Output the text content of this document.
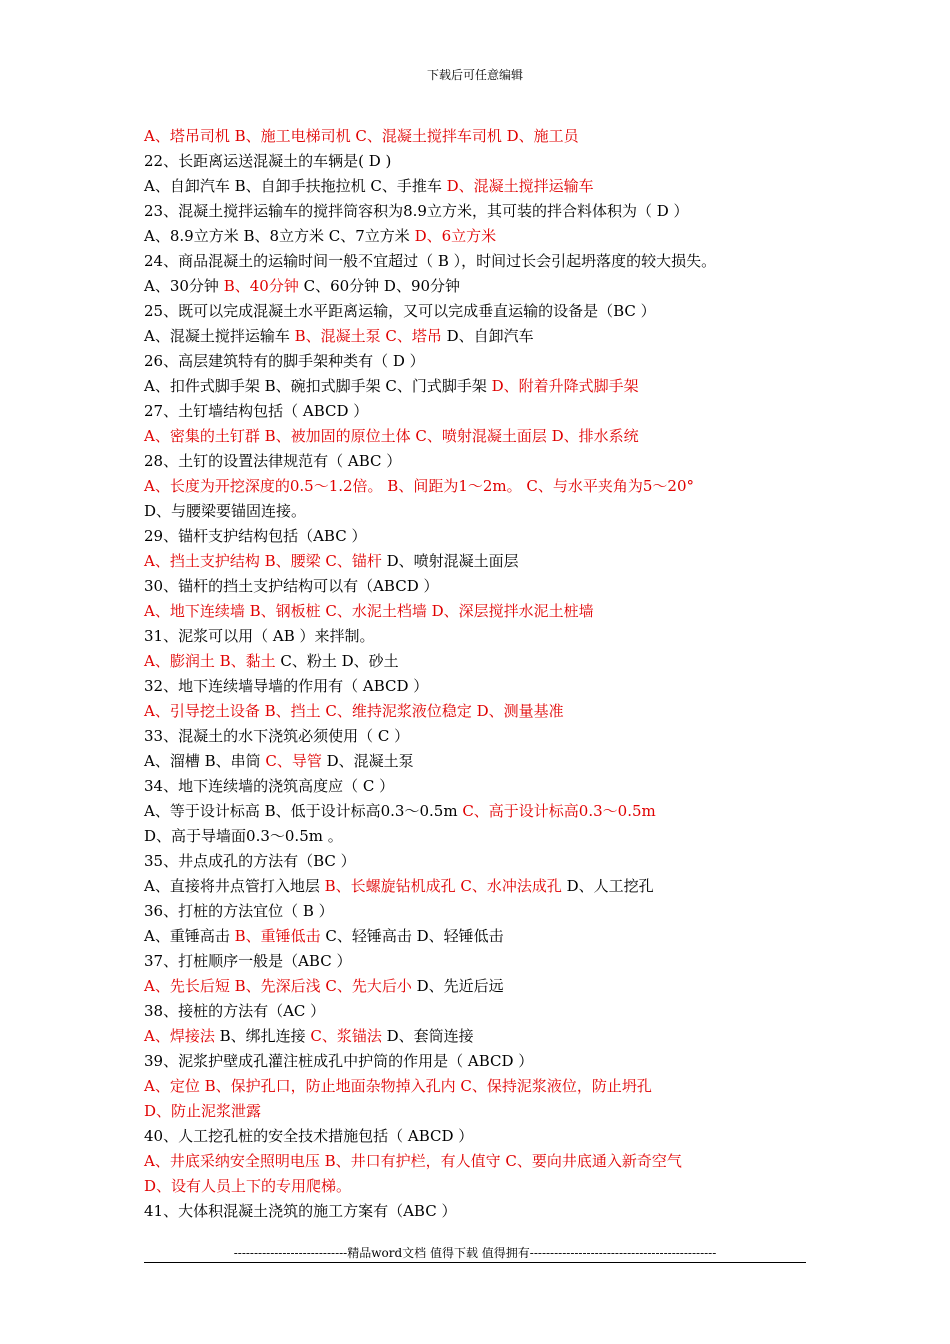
下载后可任意编辑
A、塔吊司机 B、施工电梯司机 C、混凝土搅拌车司机 D、施工员
22、长距离运送混凝土的车辆是( D )
A、自卸汽车 B、自卸手扶拖拉机 C、手推车 D、混凝土搅拌运输车
23、混凝土搅拌运输车的搅拌筒容积为8.9立方米，其可装的拌合料体积为（ D ）
A、8.9立方米 B、8立方米 C、7立方米 D、6立方米
24、商品混凝土的运输时间一般不宜超过（ B ），时间过长会引起坍落度的较大损失。
A、30分钟 B、40分钟 C、60分钟 D、90分钟
25、既可以完成混凝土水平距离运输，又可以完成垂直运输的设备是（BC ）
A、混凝土搅拌运输车 B、混凝土泵 C、塔吊 D、自卸汽车
26、高层建筑特有的脚手架种类有（ D ）
A、扣件式脚手架 B、碗扣式脚手架 C、门式脚手架 D、附着升降式脚手架
27、土钉墙结构包括（ ABCD ）
A、密集的土钉群 B、被加固的原位土体 C、喷射混凝土面层 D、排水系统
28、土钉的设置法律规范有（ ABC ）
A、长度为开挖深度的0.5～1.2倍。 B、间距为1～2m。 C、与水平夹角为5～20°
D、与腰梁要锚固连接。
29、锚杆支护结构包括（ABC ）
A、挡土支护结构 B、腰梁 C、锚杆 D、喷射混凝土面层
30、锚杆的挡土支护结构可以有（ABCD ）
A、地下连续墙 B、钢板桩 C、水泥土档墙 D、深层搅拌水泥土桩墙
31、泥浆可以用（ AB ）来拌制。
A、膨润土 B、黏土 C、粉土 D、砂土
32、地下连续墙导墙的作用有（ ABCD ）
A、引导挖土设备 B、挡土 C、维持泥浆液位稳定 D、测量基准
33、混凝土的水下浇筑必须使用（ C ）
A、溜槽 B、串筒 C、导管 D、混凝土泵
34、地下连续墙的浇筑高度应（ C ）
A、等于设计标高 B、低于设计标高0.3～0.5m C、高于设计标高0.3～0.5m
D、高于导墙面0.3～0.5m 。
35、井点成孔的方法有（BC ）
A、直接将井点管打入地层 B、长螺旋钻机成孔 C、水冲法成孔 D、人工挖孔
36、打桩的方法宜位（ B ）
A、重锤高击 B、重锤低击 C、轻锤高击 D、轻锤低击
37、打桩顺序一般是（ABC ）
A、先长后短 B、先深后浅 C、先大后小 D、先近后远
38、接桩的方法有（AC ）
A、焊接法 B、绑扎连接 C、浆锚法 D、套筒连接
39、泥浆护壁成孔灌注桩成孔中护筒的作用是（ ABCD ）
A、定位 B、保护孔口，防止地面杂物掉入孔内 C、保持泥浆液位，防止坍孔
D、防止泥浆泄露
40、人工挖孔桩的安全技术措施包括（ ABCD ）
A、井底采纳安全照明电压 B、井口有护栏，有人值守 C、要向井底通入新奇空气
D、设有人员上下的专用爬梯。
41、大体积混凝土浇筑的施工方案有（ABC ）
----------------------------精品word文档 值得下载 值得拥有----------------------------------------------
